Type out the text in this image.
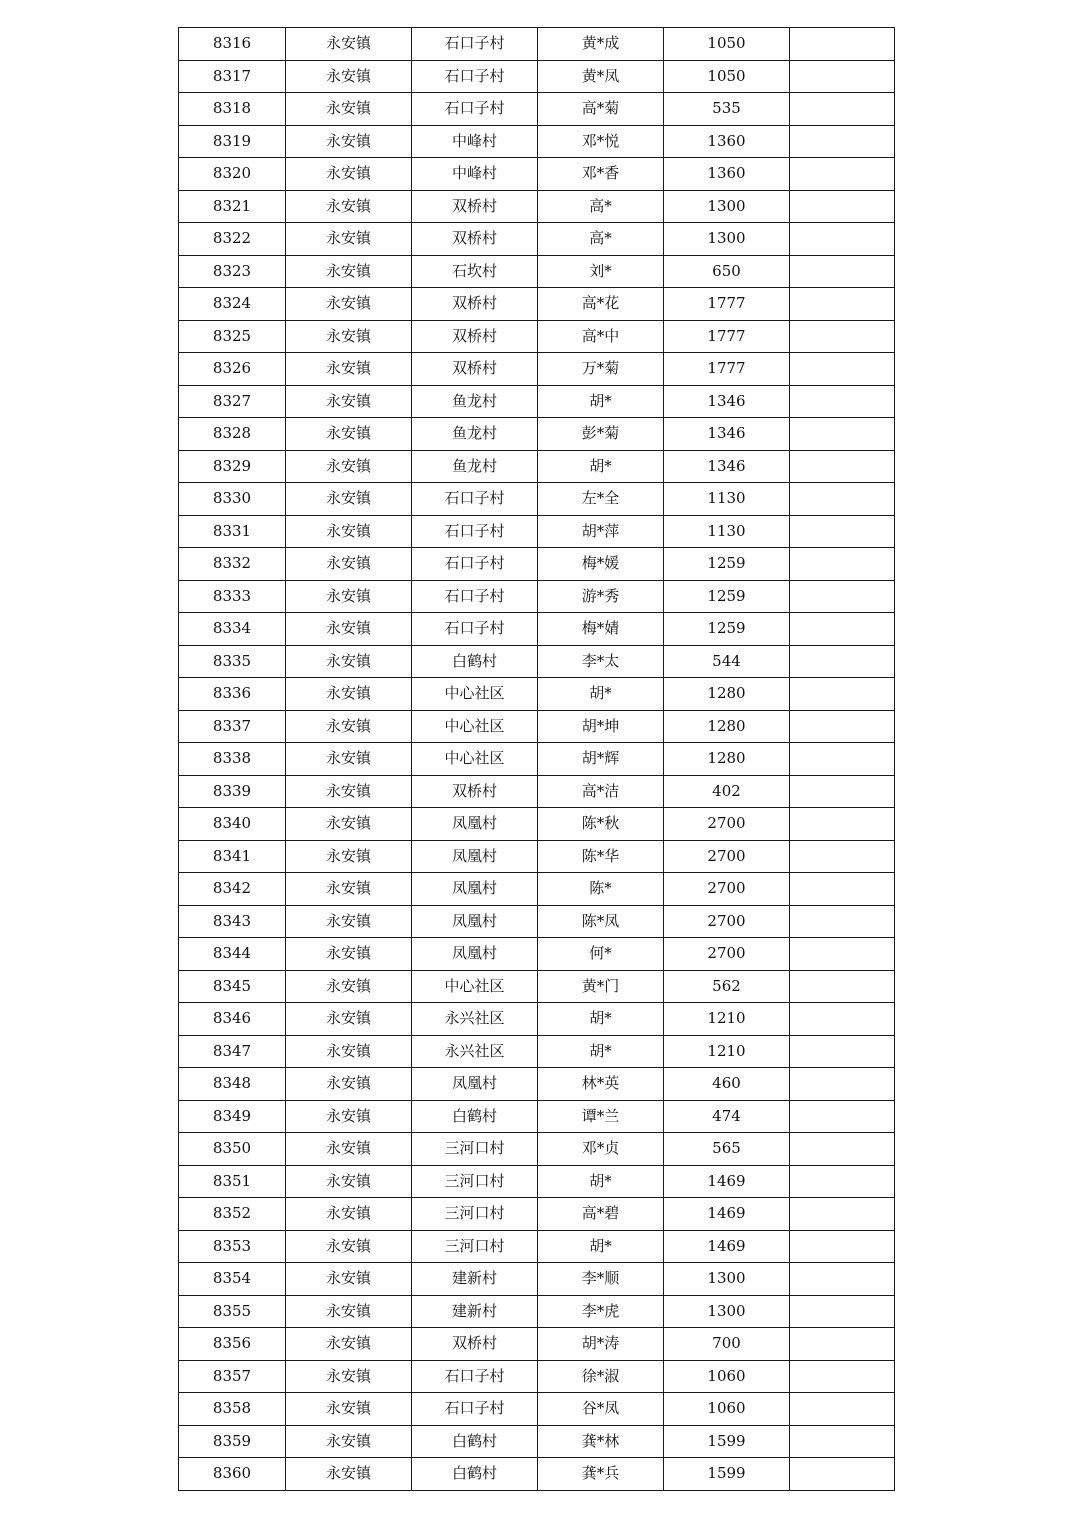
8316	永安镇	石口子村	黄*成	1050	
8317	永安镇	石口子村	黄*凤	1050	
8318	永安镇	石口子村	高*菊	535	
8319	永安镇	中峰村	邓*悦	1360	
8320	永安镇	中峰村	邓*香	1360	
8321	永安镇	双桥村	高*	1300	
8322	永安镇	双桥村	高*	1300	
8323	永安镇	石坎村	刘*	650	
8324	永安镇	双桥村	高*花	1777	
8325	永安镇	双桥村	高*中	1777	
8326	永安镇	双桥村	万*菊	1777	
8327	永安镇	鱼龙村	胡*	1346	
8328	永安镇	鱼龙村	彭*菊	1346	
8329	永安镇	鱼龙村	胡*	1346	
8330	永安镇	石口子村	左*全	1130	
8331	永安镇	石口子村	胡*萍	1130	
8332	永安镇	石口子村	梅*媛	1259	
8333	永安镇	石口子村	游*秀	1259	
8334	永安镇	石口子村	梅*婧	1259	
8335	永安镇	白鹤村	李*太	544	
8336	永安镇	中心社区	胡*	1280	
8337	永安镇	中心社区	胡*坤	1280	
8338	永安镇	中心社区	胡*辉	1280	
8339	永安镇	双桥村	高*洁	402	
8340	永安镇	凤凰村	陈*秋	2700	
8341	永安镇	凤凰村	陈*华	2700	
8342	永安镇	凤凰村	陈*	2700	
8343	永安镇	凤凰村	陈*凤	2700	
8344	永安镇	凤凰村	何*	2700	
8345	永安镇	中心社区	黄*门	562	
8346	永安镇	永兴社区	胡*	1210	
8347	永安镇	永兴社区	胡*	1210	
8348	永安镇	凤凰村	林*英	460	
8349	永安镇	白鹤村	谭*兰	474	
8350	永安镇	三河口村	邓*贞	565	
8351	永安镇	三河口村	胡*	1469	
8352	永安镇	三河口村	高*碧	1469	
8353	永安镇	三河口村	胡*	1469	
8354	永安镇	建新村	李*顺	1300	
8355	永安镇	建新村	李*虎	1300	
8356	永安镇	双桥村	胡*涛	700	
8357	永安镇	石口子村	徐*淑	1060	
8358	永安镇	石口子村	谷*凤	1060	
8359	永安镇	白鹤村	龚*林	1599	
8360	永安镇	白鹤村	龚*兵	1599	
